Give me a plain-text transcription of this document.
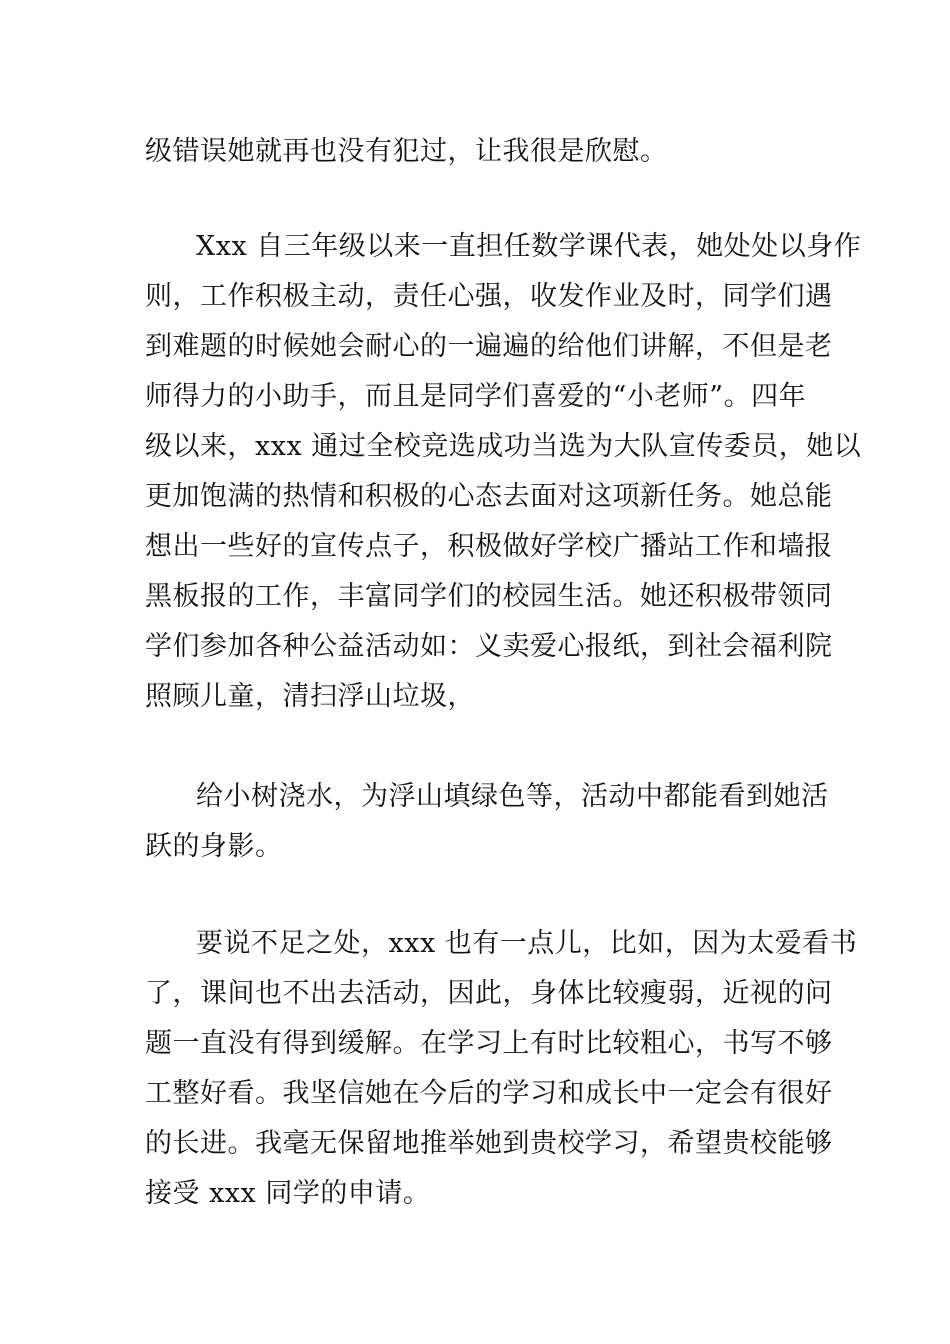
级错误她就再也没有犯过，让我很是欣慰。
Xxx 自三年级以来一直担任数学课代表，她处处以身作
则，工作积极主动，责任心强，收发作业及时，同学们遇
到难题的时候她会耐心的一遍遍的给他们讲解，不但是老
师得力的小助手，而且是同学们喜爱的“小老师”。四年
级以来，xxx 通过全校竞选成功当选为大队宣传委员，她以
更加饱满的热情和积极的心态去面对这项新任务。她总能
想出一些好的宣传点子，积极做好学校广播站工作和墙报
黑板报的工作，丰富同学们的校园生活。她还积极带领同
学们参加各种公益活动如：义卖爱心报纸，到社会福利院
照顾儿童，清扫浮山垃圾，
给小树浇水，为浮山填绿色等，活动中都能看到她活
跃的身影。
要说不足之处，xxx 也有一点儿，比如，因为太爱看书
了，课间也不出去活动，因此，身体比较瘦弱，近视的问
题一直没有得到缓解。在学习上有时比较粗心，书写不够
工整好看。我坚信她在今后的学习和成长中一定会有很好
的长进。我毫无保留地推举她到贵校学习，希望贵校能够
接受 xxx 同学的申请。
